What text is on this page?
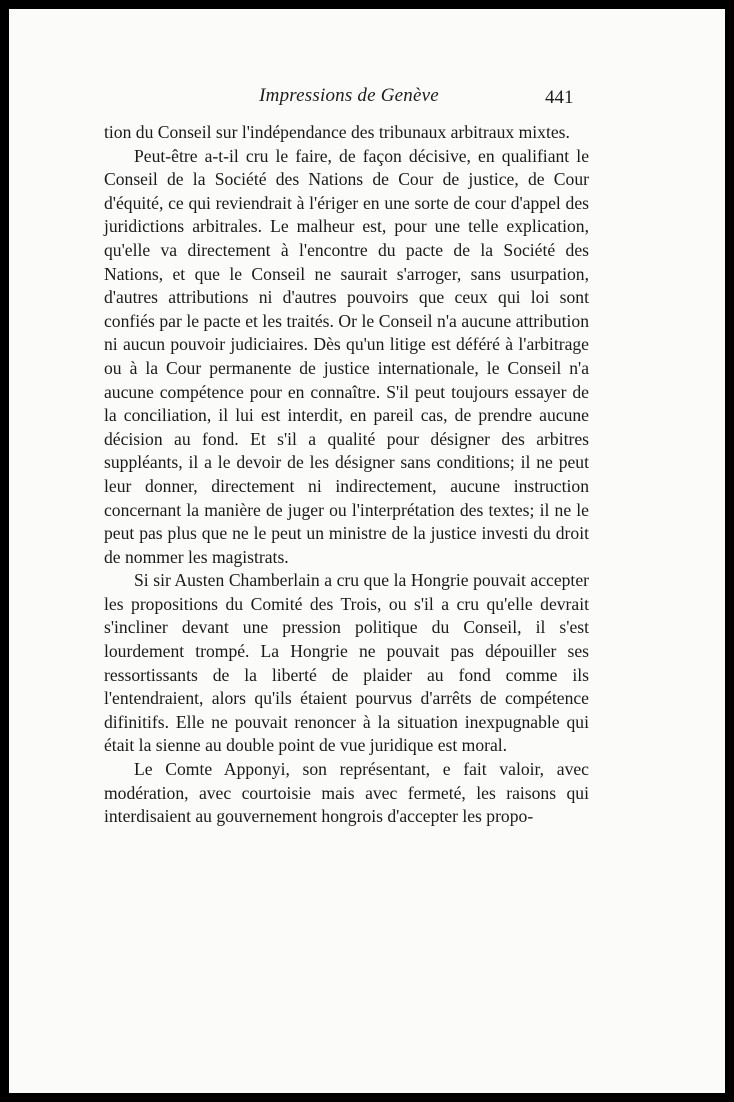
Impressions de Genève	441

tion du Conseil sur l'indépendance des tribunaux arbitraux mixtes.

Peut-être a-t-il cru le faire, de façon décisive, en qualifiant le Conseil de la Société des Nations de Cour de justice, de Cour d'équité, ce qui reviendrait à l'ériger en une sorte de cour d'appel des juridictions arbitrales. Le malheur est, pour une telle explication, qu'elle va directement à l'encontre du pacte de la Société des Nations, et que le Conseil ne saurait s'arroger, sans usurpation, d'autres attributions ni d'autres pouvoirs que ceux qui loi sont confiés par le pacte et les traités. Or le Conseil n'a aucune attribution ni aucun pouvoir judiciaires. Dès qu'un litige est déféré à l'arbitrage ou à la Cour permanente de justice internationale, le Conseil n'a aucune compétence pour en connaître. S'il peut toujours essayer de la conciliation, il lui est interdit, en pareil cas, de prendre aucune décision au fond. Et s'il a qualité pour désigner des arbitres suppléants, il a le devoir de les désigner sans conditions; il ne peut leur donner, directement ni indirectement, aucune instruction concernant la manière de juger ou l'interprétation des textes; il ne le peut pas plus que ne le peut un ministre de la justice investi du droit de nommer les magistrats.

Si sir Austen Chamberlain a cru que la Hongrie pouvait accepter les propositions du Comité des Trois, ou s'il a cru qu'elle devrait s'incliner devant une pression politique du Conseil, il s'est lourdement trompé. La Hongrie ne pouvait pas dépouiller ses ressortissants de la liberté de plaider au fond comme ils l'entendraient, alors qu'ils étaient pourvus d'arrêts de compétence difinitifs. Elle ne pouvait renoncer à la situation inexpugnable qui était la sienne au double point de vue juridique est moral.

Le Comte Apponyi, son représentant, e fait valoir, avec modération, avec courtoisie mais avec fermeté, les raisons qui interdisaient au gouvernement hongrois d'accepter les propo-
